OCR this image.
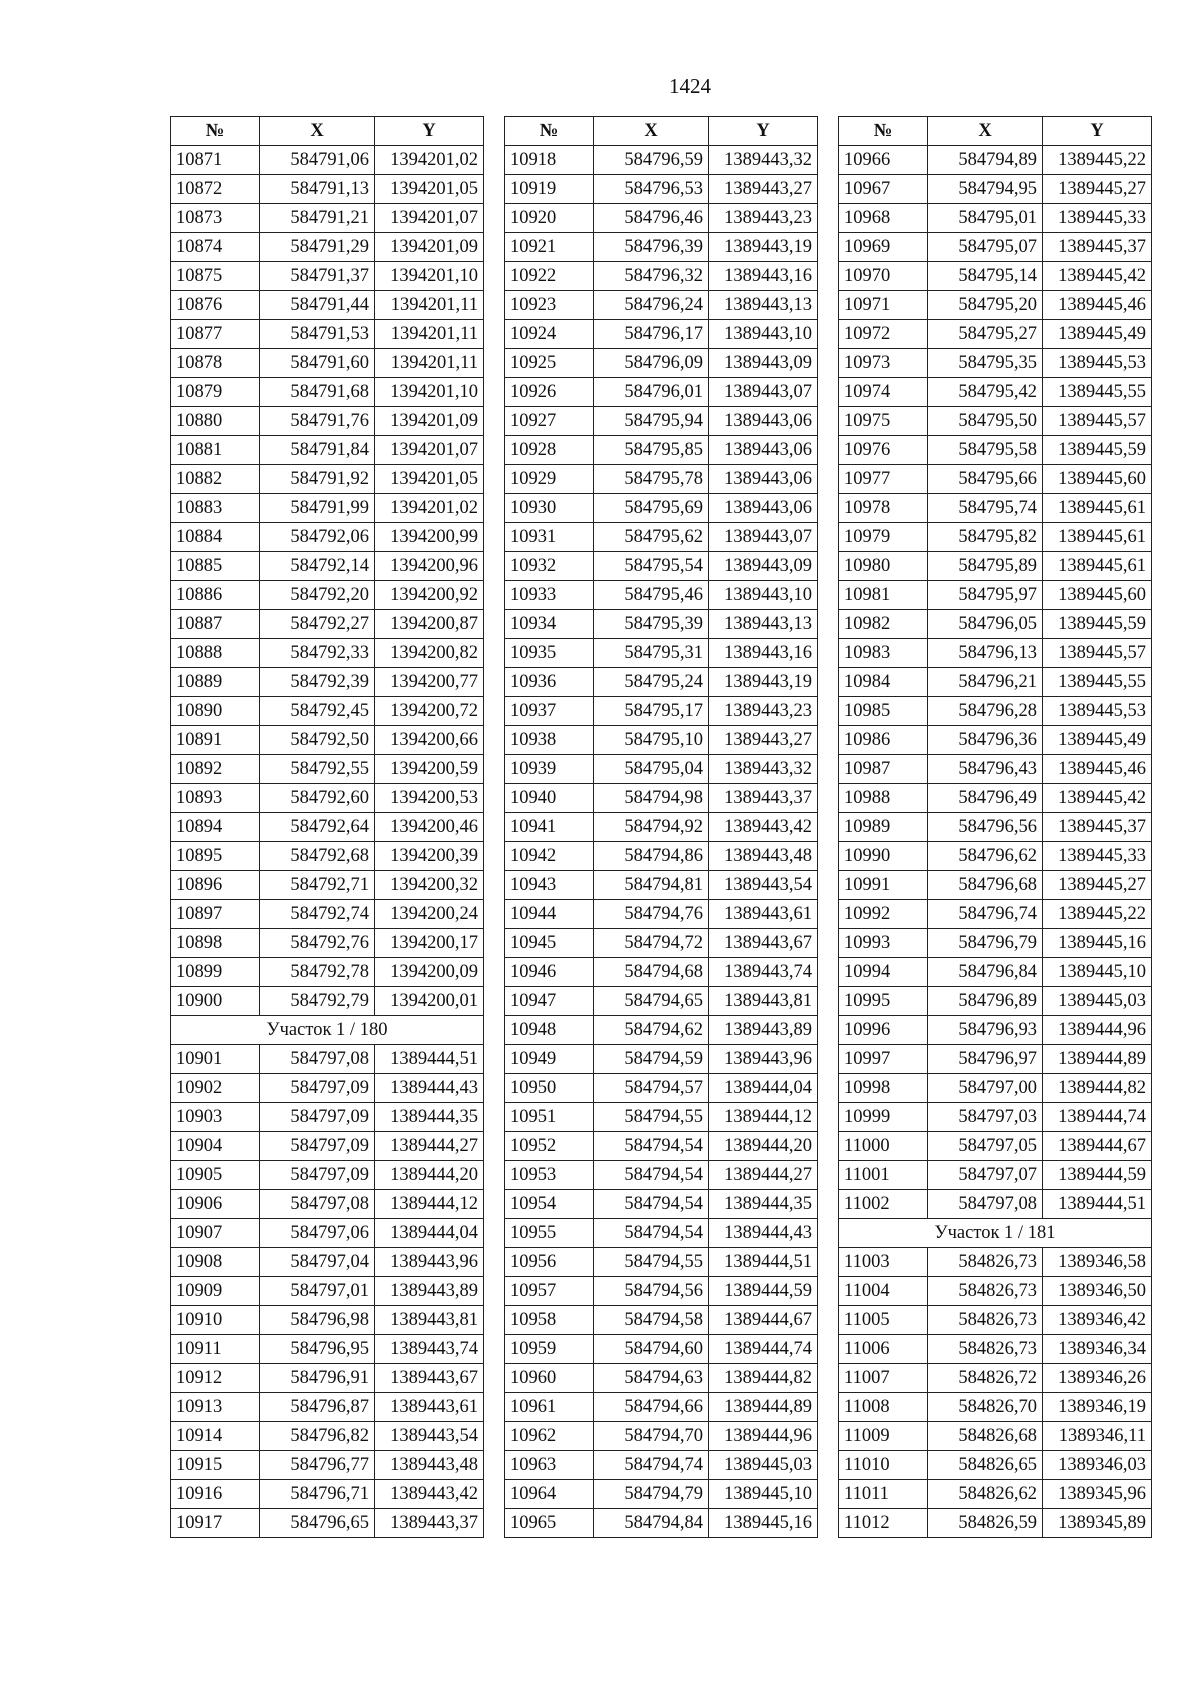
1424
№	X	Y
10871	584791,06	1394201,02
10872	584791,13	1394201,05
10873	584791,21	1394201,07
10874	584791,29	1394201,09
10875	584791,37	1394201,10
10876	584791,44	1394201,11
10877	584791,53	1394201,11
10878	584791,60	1394201,11
10879	584791,68	1394201,10
10880	584791,76	1394201,09
10881	584791,84	1394201,07
10882	584791,92	1394201,05
10883	584791,99	1394201,02
10884	584792,06	1394200,99
10885	584792,14	1394200,96
10886	584792,20	1394200,92
10887	584792,27	1394200,87
10888	584792,33	1394200,82
10889	584792,39	1394200,77
10890	584792,45	1394200,72
10891	584792,50	1394200,66
10892	584792,55	1394200,59
10893	584792,60	1394200,53
10894	584792,64	1394200,46
10895	584792,68	1394200,39
10896	584792,71	1394200,32
10897	584792,74	1394200,24
10898	584792,76	1394200,17
10899	584792,78	1394200,09
10900	584792,79	1394200,01
Участок 1 / 180		
10901	584797,08	1389444,51
10902	584797,09	1389444,43
10903	584797,09	1389444,35
10904	584797,09	1389444,27
10905	584797,09	1389444,20
10906	584797,08	1389444,12
10907	584797,06	1389444,04
10908	584797,04	1389443,96
10909	584797,01	1389443,89
10910	584796,98	1389443,81
10911	584796,95	1389443,74
10912	584796,91	1389443,67
10913	584796,87	1389443,61
10914	584796,82	1389443,54
10915	584796,77	1389443,48
10916	584796,71	1389443,42
10917	584796,65	1389443,37
№	X	Y
10918	584796,59	1389443,32
10919	584796,53	1389443,27
10920	584796,46	1389443,23
10921	584796,39	1389443,19
10922	584796,32	1389443,16
10923	584796,24	1389443,13
10924	584796,17	1389443,10
10925	584796,09	1389443,09
10926	584796,01	1389443,07
10927	584795,94	1389443,06
10928	584795,85	1389443,06
10929	584795,78	1389443,06
10930	584795,69	1389443,06
10931	584795,62	1389443,07
10932	584795,54	1389443,09
10933	584795,46	1389443,10
10934	584795,39	1389443,13
10935	584795,31	1389443,16
10936	584795,24	1389443,19
10937	584795,17	1389443,23
10938	584795,10	1389443,27
10939	584795,04	1389443,32
10940	584794,98	1389443,37
10941	584794,92	1389443,42
10942	584794,86	1389443,48
10943	584794,81	1389443,54
10944	584794,76	1389443,61
10945	584794,72	1389443,67
10946	584794,68	1389443,74
10947	584794,65	1389443,81
10948	584794,62	1389443,89
10949	584794,59	1389443,96
10950	584794,57	1389444,04
10951	584794,55	1389444,12
10952	584794,54	1389444,20
10953	584794,54	1389444,27
10954	584794,54	1389444,35
10955	584794,54	1389444,43
10956	584794,55	1389444,51
10957	584794,56	1389444,59
10958	584794,58	1389444,67
10959	584794,60	1389444,74
10960	584794,63	1389444,82
10961	584794,66	1389444,89
10962	584794,70	1389444,96
10963	584794,74	1389445,03
10964	584794,79	1389445,10
10965	584794,84	1389445,16
№	X	Y
10966	584794,89	1389445,22
10967	584794,95	1389445,27
10968	584795,01	1389445,33
10969	584795,07	1389445,37
10970	584795,14	1389445,42
10971	584795,20	1389445,46
10972	584795,27	1389445,49
10973	584795,35	1389445,53
10974	584795,42	1389445,55
10975	584795,50	1389445,57
10976	584795,58	1389445,59
10977	584795,66	1389445,60
10978	584795,74	1389445,61
10979	584795,82	1389445,61
10980	584795,89	1389445,61
10981	584795,97	1389445,60
10982	584796,05	1389445,59
10983	584796,13	1389445,57
10984	584796,21	1389445,55
10985	584796,28	1389445,53
10986	584796,36	1389445,49
10987	584796,43	1389445,46
10988	584796,49	1389445,42
10989	584796,56	1389445,37
10990	584796,62	1389445,33
10991	584796,68	1389445,27
10992	584796,74	1389445,22
10993	584796,79	1389445,16
10994	584796,84	1389445,10
10995	584796,89	1389445,03
10996	584796,93	1389444,96
10997	584796,97	1389444,89
10998	584797,00	1389444,82
10999	584797,03	1389444,74
11000	584797,05	1389444,67
11001	584797,07	1389444,59
11002	584797,08	1389444,51
Участок 1 / 181		
11003	584826,73	1389346,58
11004	584826,73	1389346,50
11005	584826,73	1389346,42
11006	584826,73	1389346,34
11007	584826,72	1389346,26
11008	584826,70	1389346,19
11009	584826,68	1389346,11
11010	584826,65	1389346,03
11011	584826,62	1389345,96
11012	584826,59	1389345,89
